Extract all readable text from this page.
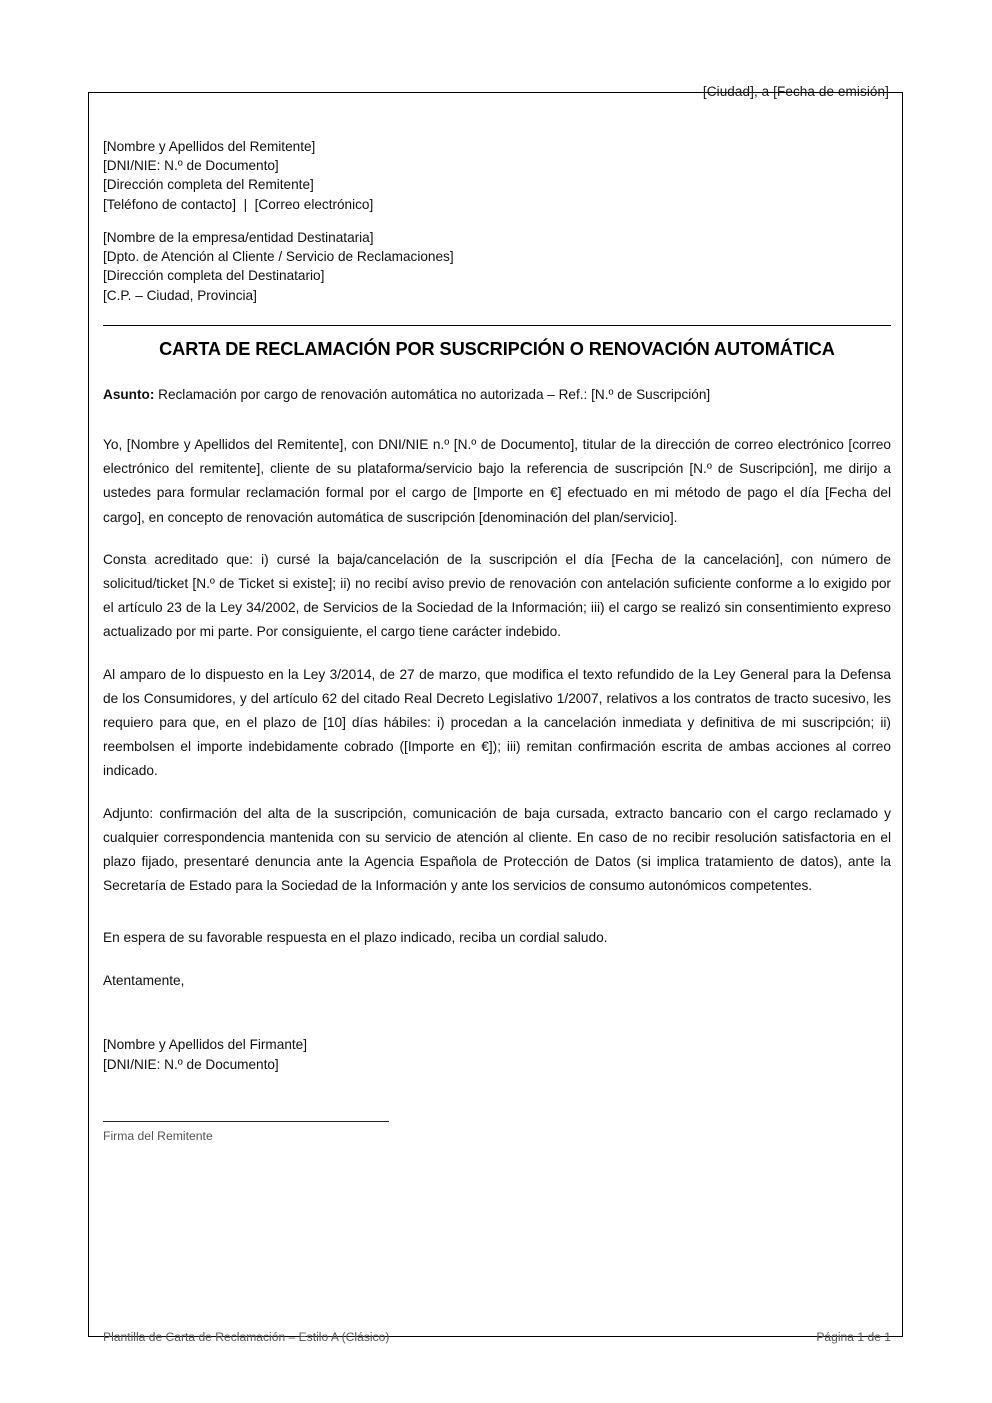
[Ciudad], a [Fecha de emisión]
[Nombre y Apellidos del Remitente]
[DNI/NIE: N.º de Documento]
[Dirección completa del Remitente]
[Teléfono de contacto]  |  [Correo electrónico]
[Nombre de la empresa/entidad Destinataria]
[Dpto. de Atención al Cliente / Servicio de Reclamaciones]
[Dirección completa del Destinatario]
[C.P. – Ciudad, Provincia]
CARTA DE RECLAMACIÓN POR SUSCRIPCIÓN O RENOVACIÓN AUTOMÁTICA
Asunto: Reclamación por cargo de renovación automática no autorizada – Ref.: [N.º de Suscripción]

Yo, [Nombre y Apellidos del Remitente], con DNI/NIE n.º [N.º de Documento], titular de la dirección de correo electrónico [correo electrónico del remitente], cliente de su plataforma/servicio bajo la referencia de suscripción [N.º de Suscripción], me dirijo a ustedes para formular reclamación formal por el cargo de [Importe en €] efectuado en mi método de pago el día [Fecha del cargo], en concepto de renovación automática de suscripción [denominación del plan/servicio].

Consta acreditado que: i) cursé la baja/cancelación de la suscripción el día [Fecha de la cancelación], con número de solicitud/ticket [N.º de Ticket si existe]; ii) no recibí aviso previo de renovación con antelación suficiente conforme a lo exigido por el artículo 23 de la Ley 34/2002, de Servicios de la Sociedad de la Información; iii) el cargo se realizó sin consentimiento expreso actualizado por mi parte. Por consiguiente, el cargo tiene carácter indebido.

Al amparo de lo dispuesto en la Ley 3/2014, de 27 de marzo, que modifica el texto refundido de la Ley General para la Defensa de los Consumidores, y del artículo 62 del citado Real Decreto Legislativo 1/2007, relativos a los contratos de tracto sucesivo, les requiero para que, en el plazo de [10] días hábiles: i) procedan a la cancelación inmediata y definitiva de mi suscripción; ii) reembolsen el importe indebidamente cobrado ([Importe en €]); iii) remitan confirmación escrita de ambas acciones al correo indicado.

Adjunto: confirmación del alta de la suscripción, comunicación de baja cursada, extracto bancario con el cargo reclamado y cualquier correspondencia mantenida con su servicio de atención al cliente. En caso de no recibir resolución satisfactoria en el plazo fijado, presentaré denuncia ante la Agencia Española de Protección de Datos (si implica tratamiento de datos), ante la Secretaría de Estado para la Sociedad de la Información y ante los servicios de consumo autonómicos competentes.

En espera de su favorable respuesta en el plazo indicado, reciba un cordial saludo.

Atentamente,

[Nombre y Apellidos del Firmante]
[DNI/NIE: N.º de Documento]
Firma del Remitente
Plantilla de Carta de Reclamación – Estilo A (Clásico)	Página 1 de 1
